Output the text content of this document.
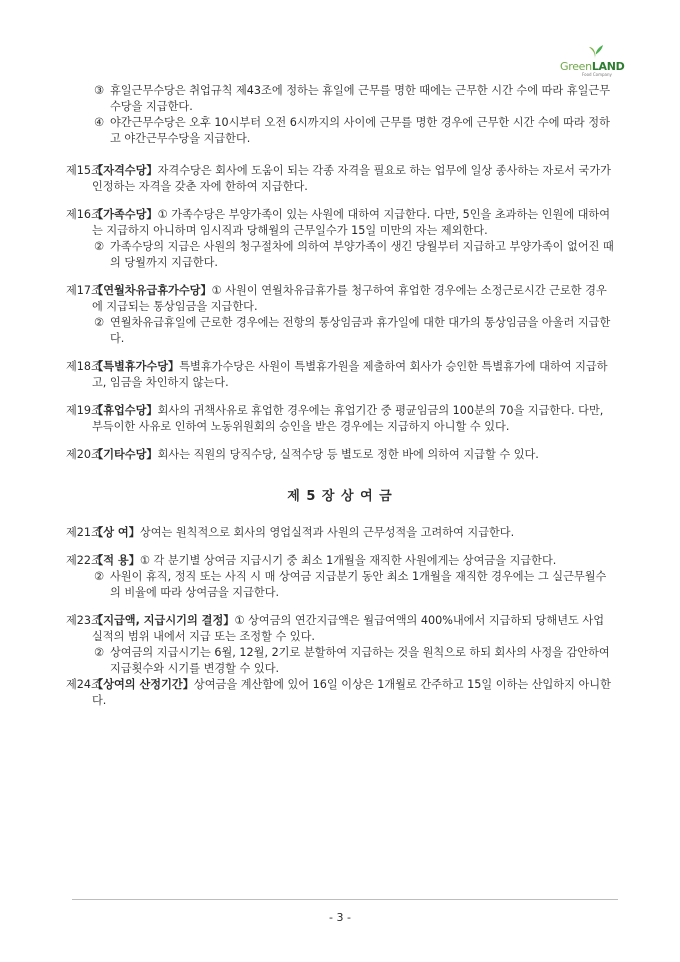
GreenLAND
Food Company
③ 휴일근무수당은 취업규칙 제43조에 정하는 휴일에 근무를 명한 때에는 근무한 시간 수에 따라 휴일근무수당을 지급한다.
④ 야간근무수당은 오후 10시부터 오전 6시까지의 사이에 근무를 명한 경우에 근무한 시간 수에 따라 정하고 야간근무수당을 지급한다.
제15조
【자격수당】자격수당은 회사에 도움이 되는 각종 자격을 필요로 하는 업무에 일상 종사하는 자로서 국가가 인정하는 자격을 갖춘 자에 한하여 지급한다.
제16조
【가족수당】① 가족수당은 부양가족이 있는 사원에 대하여 지급한다. 다만, 5인을 초과하는 인원에 대하여는 지급하지 아니하며 임시직과 당해월의 근무일수가 15일 미만의 자는 제외한다.
② 가족수당의 지급은 사원의 청구절차에 의하여 부양가족이 생긴 당월부터 지급하고 부양가족이 없어진 때의 당월까지 지급한다.
제17조
【연월차유급휴가수당】① 사원이 연월차유급휴가를 청구하여 휴업한 경우에는 소정근로시간 근로한 경우에 지급되는 통상임금을 지급한다.
② 연월차유급휴일에 근로한 경우에는 전항의 통상임금과 휴가일에 대한 대가의 통상임금을 아울러 지급한다.
제18조
【특별휴가수당】특별휴가수당은 사원이 특별휴가원을 제출하여 회사가 승인한 특별휴가에 대하여 지급하고, 임금을 차인하지 않는다.
제19조
【휴업수당】회사의 귀책사유로 휴업한 경우에는 휴업기간 중 평균임금의 100분의 70을 지급한다. 다만, 부득이한 사유로 인하여 노동위원회의 승인을 받은 경우에는 지급하지 아니할 수 있다.
제20조
【기타수당】회사는 직원의 당직수당, 실적수당 등 별도로 정한 바에 의하여 지급할 수 있다.
제 5 장 상 여 금
제21조
【상 여】상여는 원칙적으로 회사의 영업실적과 사원의 근무성적을 고려하여 지급한다.
제22조
【적 용】① 각 분기별 상여금 지급시기 중 최소 1개월을 재직한 사원에게는 상여금을 지급한다.
② 사원이 휴직, 정직 또는 사직 시 매 상여금 지급분기 동안 최소 1개월을 재직한 경우에는 그 실근무월수의 비율에 따라 상여금을 지급한다.
제23조
【지급액, 지급시기의 결정】① 상여금의 연간지급액은 월급여액의 400%내에서 지급하되 당해년도 사업실적의 범위 내에서 지급 또는 조정할 수 있다.
② 상여금의 지급시기는 6월, 12월, 2기로 분할하여 지급하는 것을 원칙으로 하되 회사의 사정을 감안하여 지급횟수와 시기를 변경할 수 있다.
제24조
【상여의 산정기간】상여금을 계산함에 있어 16일 이상은 1개월로 간주하고 15일 이하는 산입하지 아니한다.
- 3 -
